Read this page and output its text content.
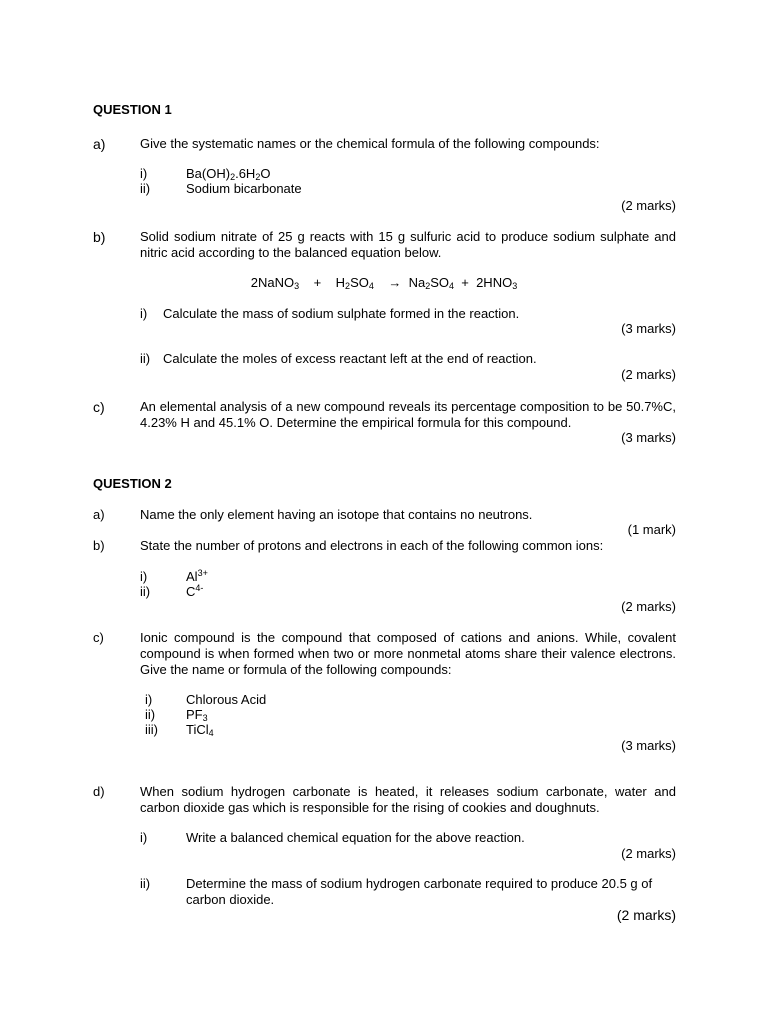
QUESTION 1
a)	Give the systematic names or the chemical formula of the following compounds:
i)	$Ba(OH)_2.6H_2O$
ii)	Sodium bicarbonate
(2 marks)
b)	Solid sodium nitrate of 25 g reacts with 15 g sulfuric acid to produce sodium sulphate and nitric acid according to the balanced equation below.
2NaNO$_3$ + $H_2SO_4 \to Na_2SO_4 + 2HNO_3$
i) Calculate the mass of sodium sulphate formed in the reaction.
(3 marks)
ii) Calculate the moles of excess reactant left at the end of reaction.
(2 marks)
c)	An elemental analysis of a new compound reveals its percentage composition to be 50.7%C, 4.23% H and 45.1% O. Determine the empirical formula for this compound.
(3 marks)
QUESTION 2
a)	Name the only element having an isotope that contains no neutrons.
(1 mark)
b)	State the number of protons and electrons in each of the following common ions:
i)	$Al^{3+}$
ii)	$C^{4-}$
(2 marks)
c)	Ionic compound is the compound that composed of cations and anions. While, covalent compound is when formed when two or more nonmetal atoms share their valence electrons. Give the name or formula of the following compounds:
i)	Chlorous Acid
ii) $PF_3$
iii) TiCl$_4$
(3 marks)
d)	When sodium hydrogen carbonate is heated, it releases sodium carbonate, water and carbon dioxide gas which is responsible for the rising of cookies and doughnuts.
i)	Write a balanced chemical equation for the above reaction.
(2 marks)
ii)	Determine the mass of sodium hydrogen carbonate required to produce 20.5 g of carbon dioxide.
(2 marks)
